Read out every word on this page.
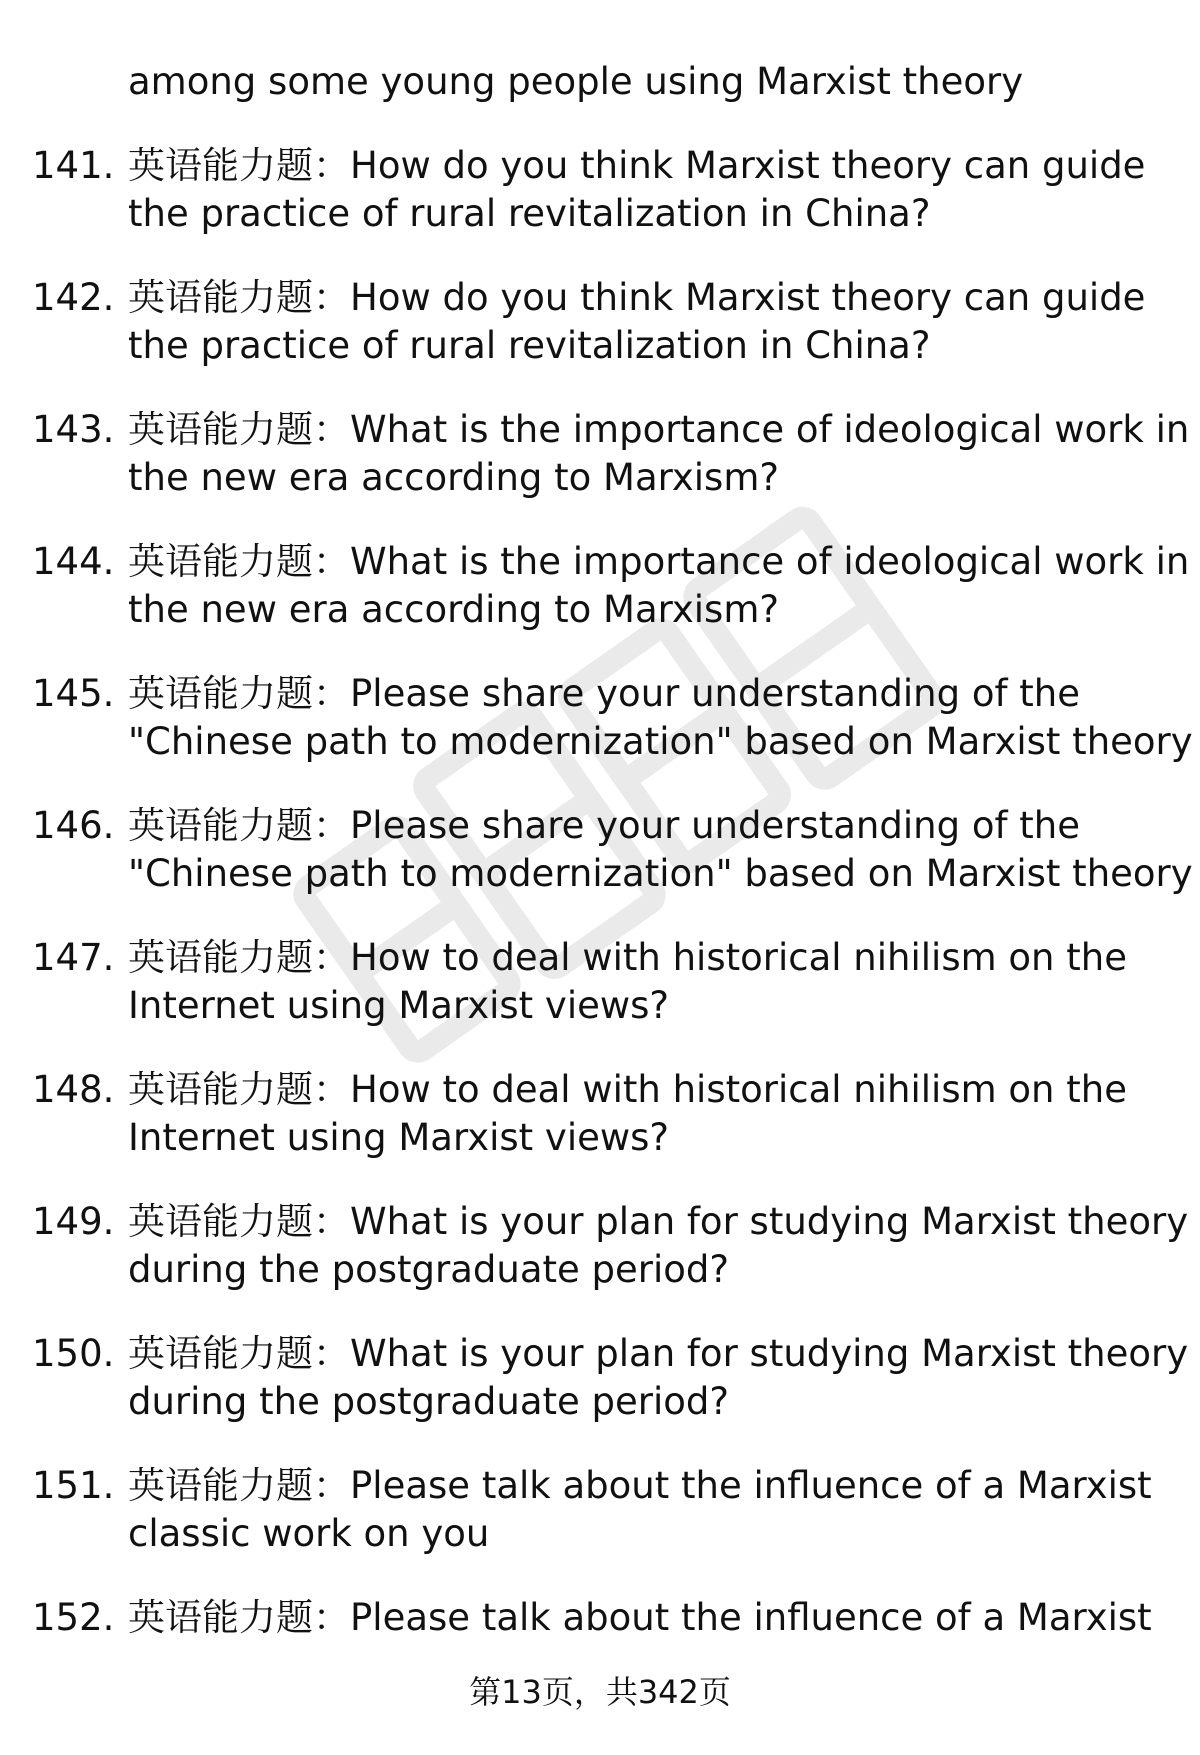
among some young people using Marxist theory
141. 英语能力题：How do you think Marxist theory can guide
the practice of rural revitalization in China?
142. 英语能力题：How do you think Marxist theory can guide
the practice of rural revitalization in China?
143. 英语能力题：What is the importance of ideological work in
the new era according to Marxism?
144. 英语能力题：What is the importance of ideological work in
the new era according to Marxism?
145. 英语能力题：Please share your understanding of the
"Chinese path to modernization" based on Marxist theory
146. 英语能力题：Please share your understanding of the
"Chinese path to modernization" based on Marxist theory
147. 英语能力题：How to deal with historical nihilism on the
Internet using Marxist views?
148. 英语能力题：How to deal with historical nihilism on the
Internet using Marxist views?
149. 英语能力题：What is your plan for studying Marxist theory
during the postgraduate period?
150. 英语能力题：What is your plan for studying Marxist theory
during the postgraduate period?
151. 英语能力题：Please talk about the influence of a Marxist
classic work on you
152. 英语能力题：Please talk about the influence of a Marxist
第13页，共342页
